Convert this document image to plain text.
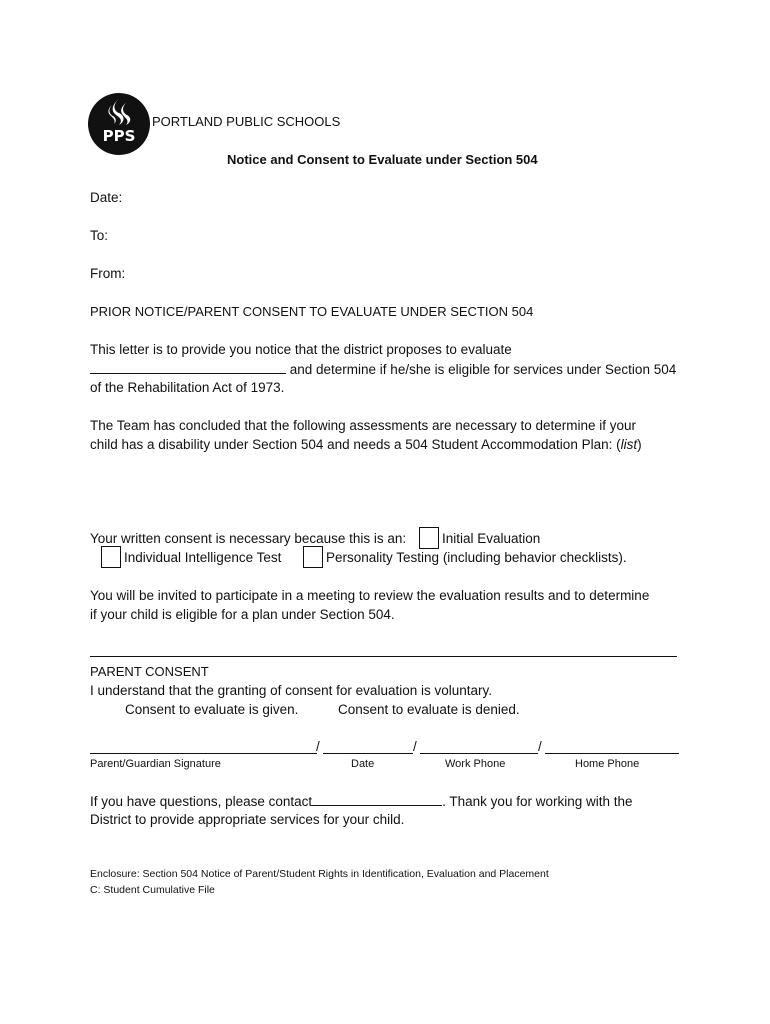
PPS
PORTLAND PUBLIC SCHOOLS
Notice and Consent to Evaluate under Section 504
Date:
To:
From:
PRIOR NOTICE/PARENT CONSENT TO EVALUATE UNDER SECTION 504
This letter is to provide you notice that the district proposes to evaluate
and determine if he/she is eligible for services under Section 504
of the Rehabilitation Act of 1973.
The Team has concluded that the following assessments are necessary to determine if your
child has a disability under Section 504 and needs a 504 Student Accommodation Plan: (list)
Your written consent is necessary because this is an:	Initial Evaluation
Individual Intelligence Test	Personality Testing (including behavior checklists).
You will be invited to participate in a meeting to review the evaluation results and to determine
if your child is eligible for a plan under Section 504.
PARENT CONSENT
I understand that the granting of consent for evaluation is voluntary.
Consent to evaluate is given.	Consent to evaluate is denied.
/	/	/
Parent/Guardian Signature	Date	Work Phone	Home Phone
If you have questions, please contact	. Thank you for working with the
District to provide appropriate services for your child.
Enclosure: Section 504 Notice of Parent/Student Rights in Identification, Evaluation and Placement
C: Student Cumulative File
